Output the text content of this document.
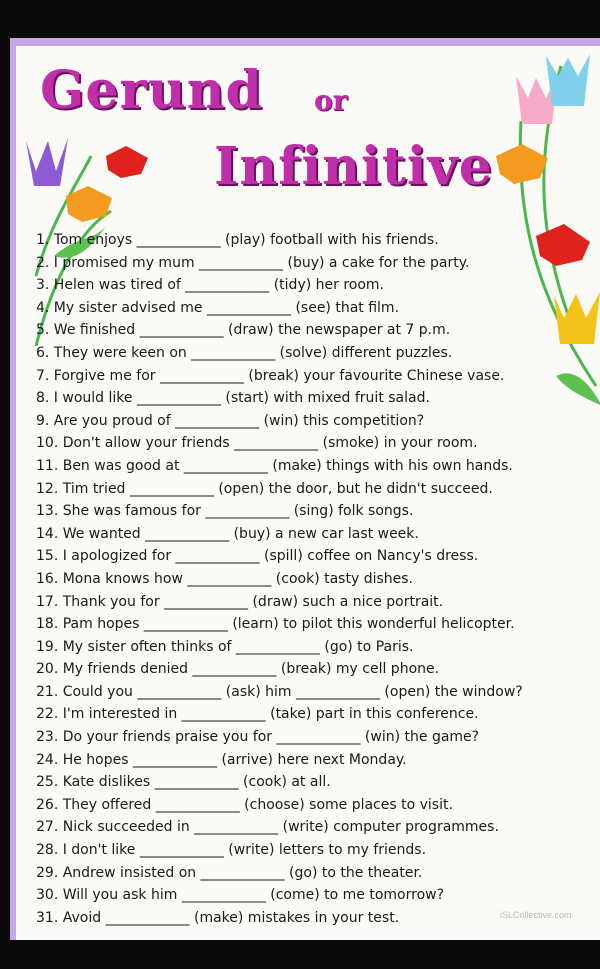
Gerund or
Infinitive
1. Tom enjoys ____________ (play) football with his friends.
2. I promised my mum ____________ (buy) a cake for the party.
3. Helen was tired of ____________ (tidy) her room.
4. My sister advised me ____________ (see) that film.
5. We finished ____________ (draw) the newspaper at 7 p.m.
6. They were keen on ____________ (solve) different puzzles.
7. Forgive me for ____________ (break) your favourite Chinese vase.
8. I would like ____________ (start) with mixed fruit salad.
9. Are you proud of ____________ (win) this competition?
10. Don't allow your friends ____________ (smoke) in your room.
11. Ben was good at ____________ (make) things with his own hands.
12. Tim tried ____________ (open) the door, but he didn't succeed.
13. She was famous for ____________ (sing) folk songs.
14. We wanted ____________ (buy) a new car last week.
15. I apologized for ____________ (spill) coffee on Nancy's dress.
16. Mona knows how ____________ (cook) tasty dishes.
17. Thank you for ____________ (draw) such a nice portrait.
18. Pam hopes ____________ (learn) to pilot this wonderful helicopter.
19. My sister often thinks of ____________ (go) to Paris.
20. My friends denied ____________ (break) my cell phone.
21. Could you ____________ (ask) him ____________ (open) the window?
22. I'm interested in ____________ (take) part in this conference.
23. Do your friends praise you for ____________ (win) the game?
24. He hopes ____________ (arrive) here next Monday.
25. Kate dislikes ____________ (cook) at all.
26. They offered ____________ (choose) some places to visit.
27. Nick succeeded in ____________ (write) computer programmes.
28. I don't like ____________ (write) letters to my friends.
29. Andrew insisted on ____________ (go) to the theater.
30. Will you ask him ____________ (come) to me tomorrow?
31. Avoid ____________ (make) mistakes in your test.	iSLCollective.com
